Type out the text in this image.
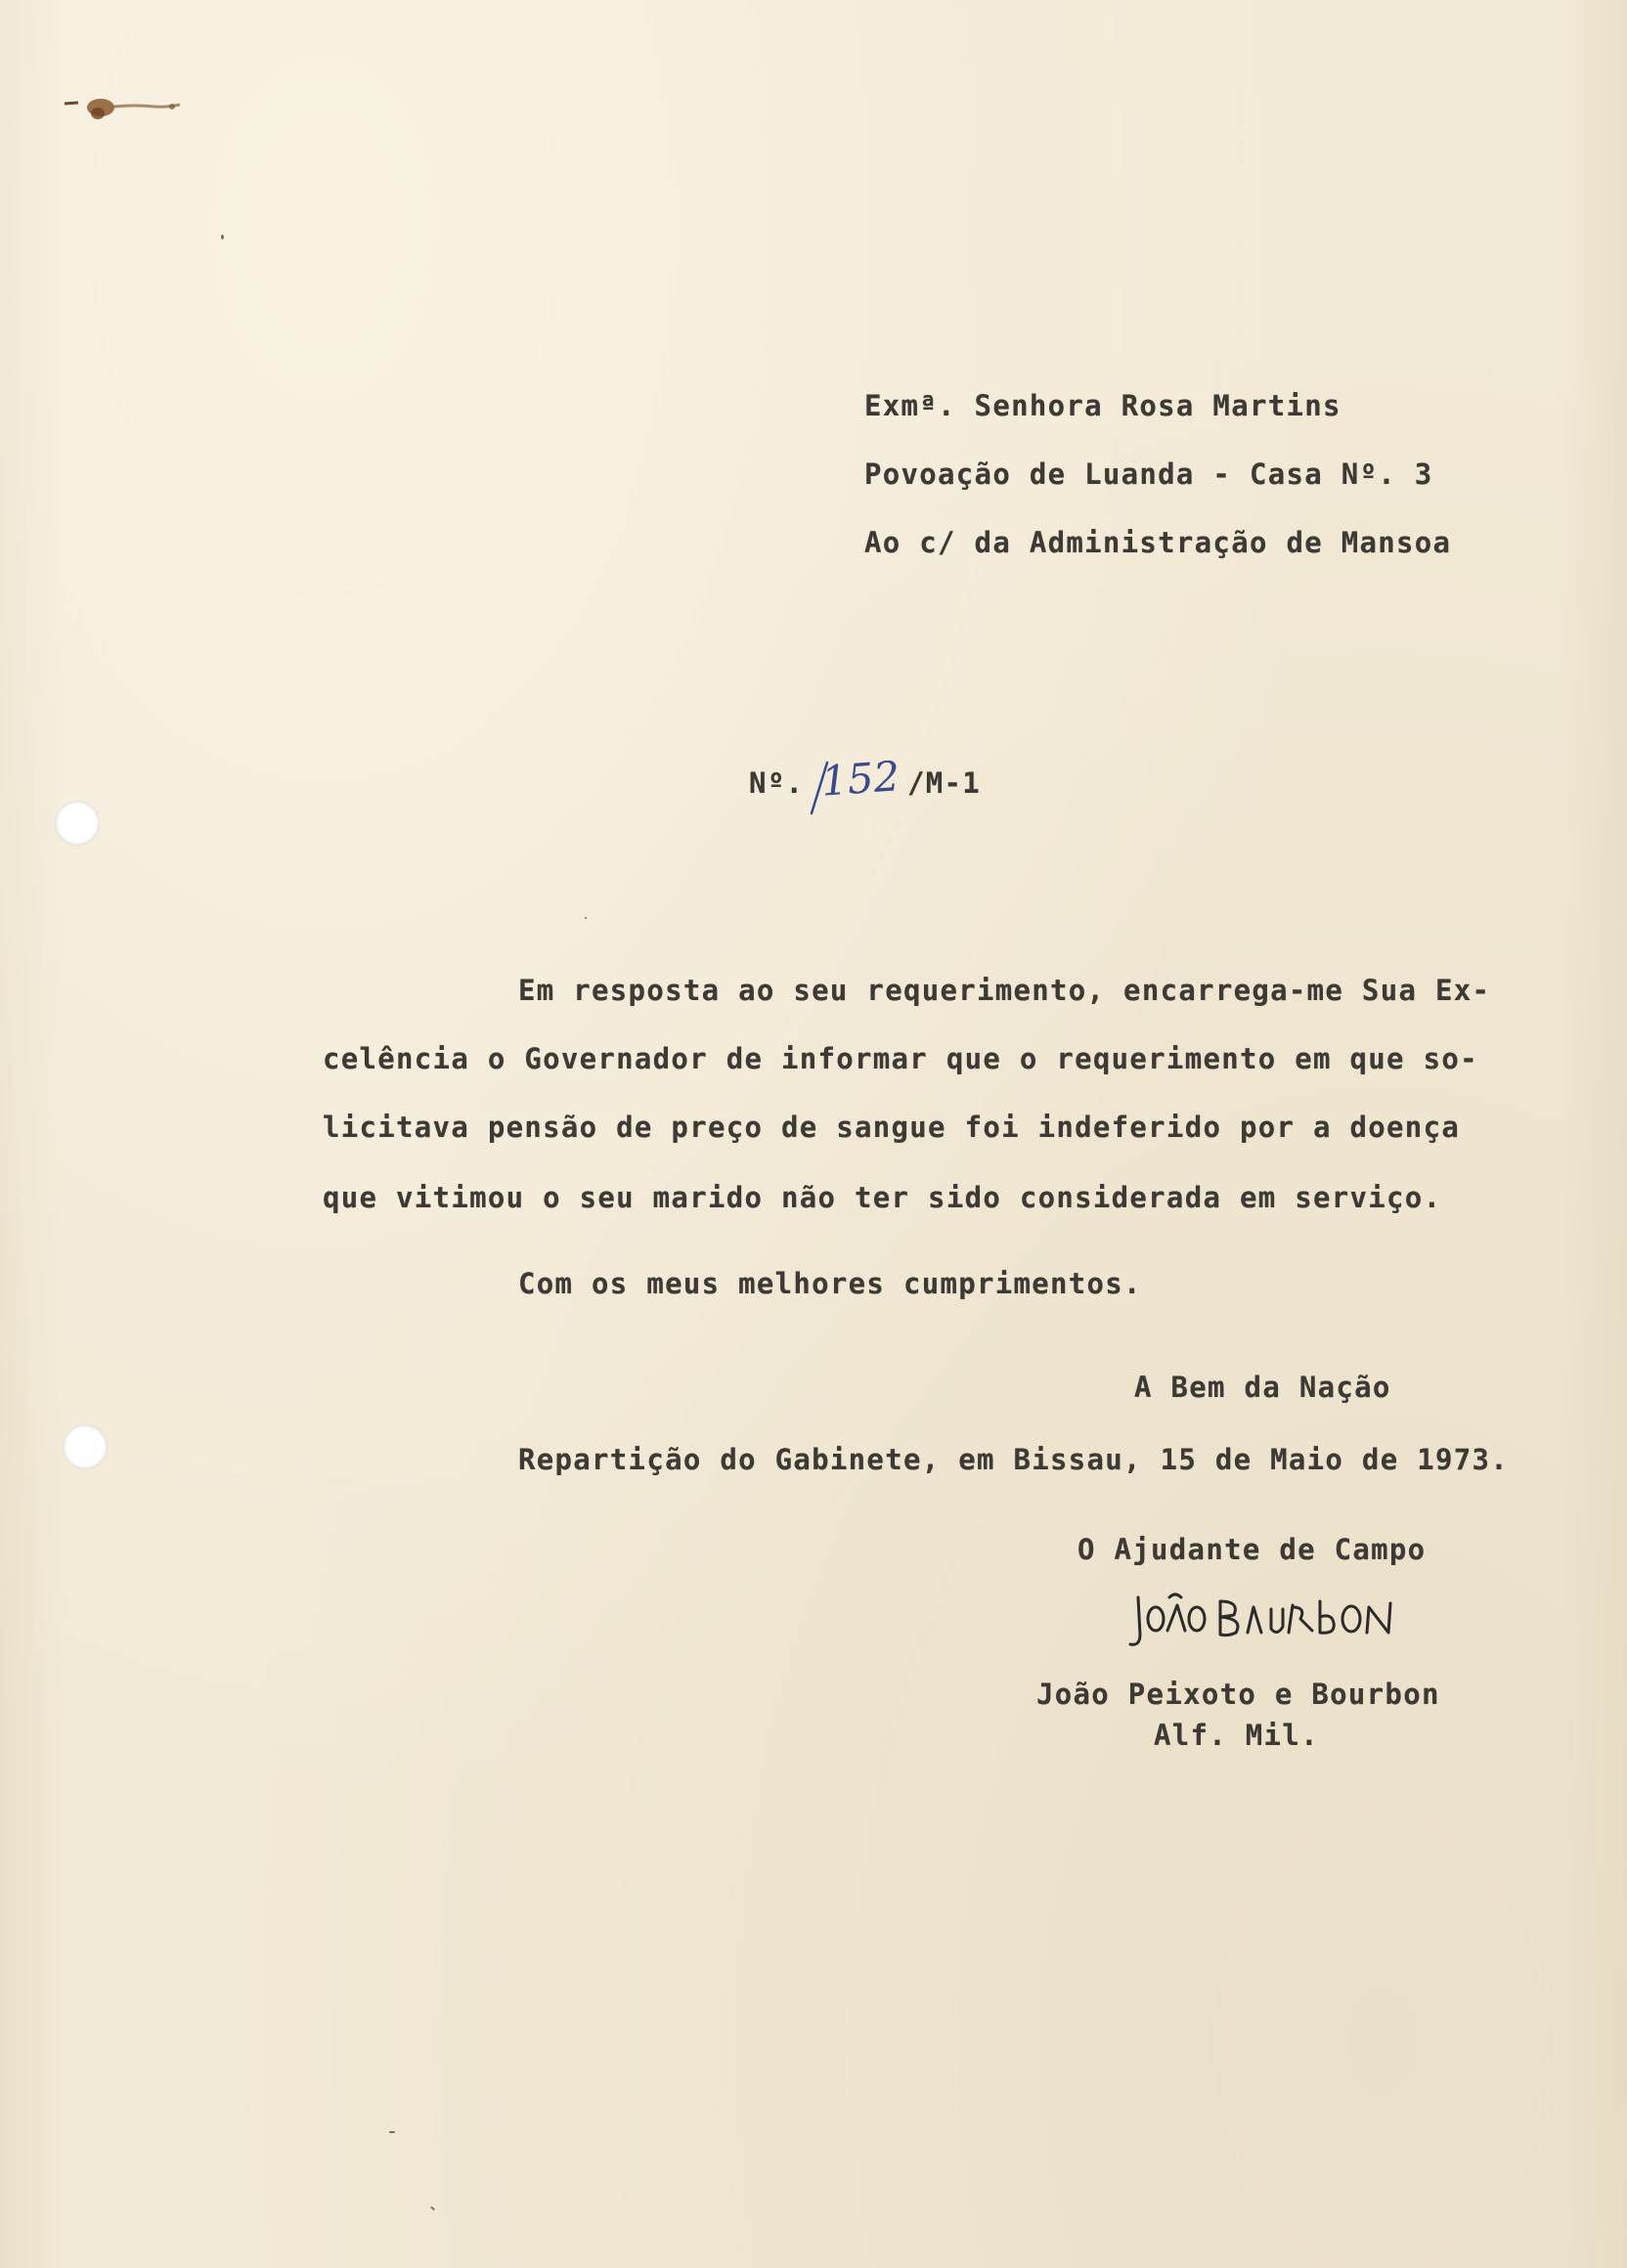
Exmª. Senhora Rosa Martins
Povoação de Luanda - Casa Nº. 3
Ao c/ da Administração de Mansoa
Nº. 152 /M-1
Em resposta ao seu requerimento, encarrega-me Sua Ex-
celência o Governador de informar que o requerimento em que so-
licitava pensão de preço de sangue foi indeferido por a doença
que vitimou o seu marido não ter sido considerada em serviço.
Com os meus melhores cumprimentos.
A Bem da Nação
Repartição do Gabinete, em Bissau, 15 de Maio de 1973.
O Ajudante de Campo
João Peixoto e Bourbon
Alf. Mil.
